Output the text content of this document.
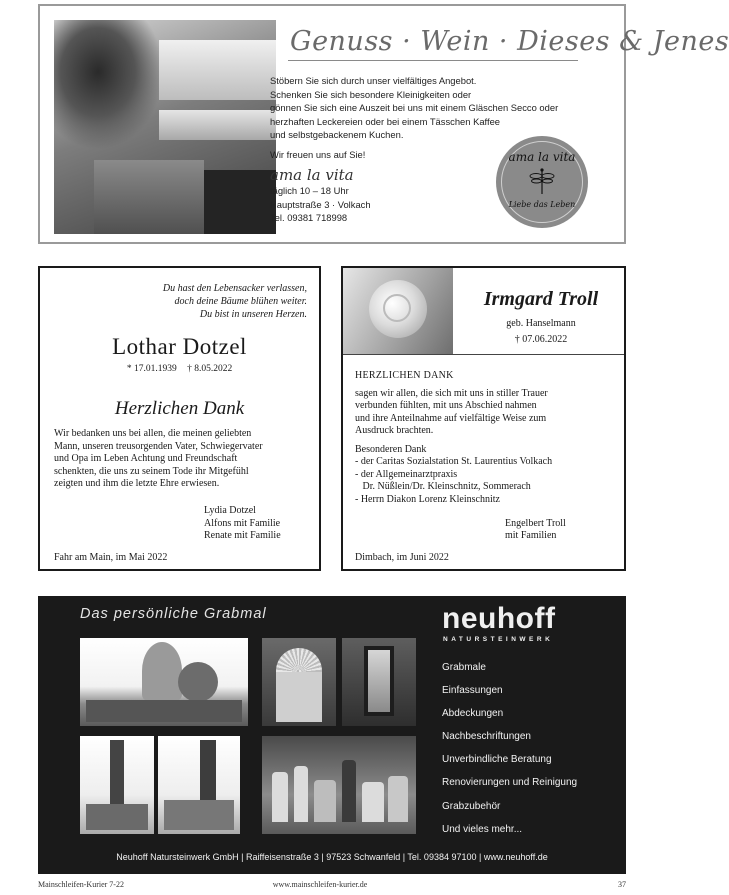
Genuss · Wein · Dieses & Jenes

Stöbern Sie sich durch unser vielfältiges Angebot.

Schenken Sie sich besondere Kleinigkeiten oder

gönnen Sie sich eine Auszeit bei uns mit einem Gläschen Secco oder

herzhaften Leckereien oder bei einem Tässchen Kaffee

und selbstgebackenem Kuchen.

Wir freuen uns auf Sie!
ama la vita

täglich 10 – 18 Uhr

Hauptstraße 3 · Volkach

Tel. 09381 718998

ama la vita
Liebe das Leben

Du hast den Lebensacker verlassen,

doch deine Bäume blühen weiter.

Du bist in unseren Herzen.

Lothar Dotzel
* 17.01.1939 † 8.05.2022
Herzlichen Dank

Wir bedanken uns bei allen, die meinen geliebten

Mann, unseren treusorgenden Vater, Schwiegervater

und Opa im Leben Achtung und Freundschaft

schenkten, die uns zu seinem Tode ihr Mitgefühl

zeigten und ihm die letzte Ehre erwiesen.

Lydia Dotzel

Alfons mit Familie

Renate mit Familie

Fahr am Main, im Mai 2022
Irmgard Troll
geb. Hanselmann
† 07.06.2022
HERZLICHEN DANK

sagen wir allen, die sich mit uns in stiller Trauer

verbunden fühlten, mit uns Abschied nahmen

und ihre Anteilnahme auf vielfältige Weise zum

Ausdruck brachten.

Besonderen Dank

- der Caritas Sozialstation St. Laurentius Volkach

- der Allgemeinarztpraxis

Dr. Nüßlein/Dr. Kleinschnitz, Sommerach

- Herrn Diakon Lorenz Kleinschnitz

Engelbert Troll

mit Familien

Dimbach, im Juni 2022
Das persönliche Grabmal	neuhoff
NATURSTEINWERK
Grabmale
Einfassungen
Abdeckungen
Nachbeschriftungen
Unverbindliche Beratung
Renovierungen und Reinigung
Grabzubehör
Und vieles mehr...
Neuhoff Natursteinwerk GmbH | Raiffeisenstraße 3 | 97523 Schwanfeld | Tel. 09384 97100 | www.neuhoff.de
Mainschleifen-Kurier 7-22	www.mainschleifen-kurier.de	37
